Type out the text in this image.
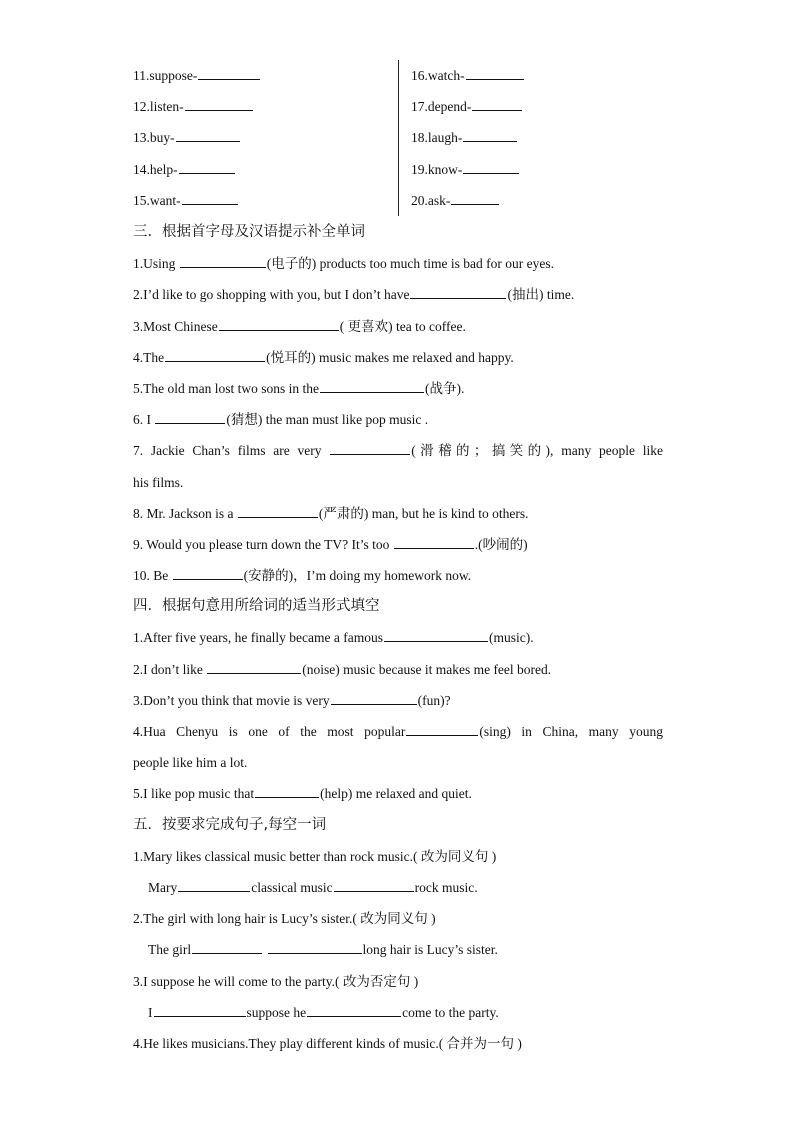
11.suppose-
12.listen-
13.buy-
14.help-
15.want-
16.watch-
17.depend-
18.laugh-
19.know-
20.ask-
三．根据首字母及汉语提示补全单词
1.Using	(电子的) products too much time is bad for our eyes.
2.I’d like to go shopping with you, but I don’t have	(抽出) time.
3.Most Chinese	( 更喜欢) tea to coffee.
4.The	(悦耳的) music makes me relaxed and happy.
5.The old man lost two sons in the	(战争).
6. I	(猜想) the man must like pop music .
7. Jackie Chan’s films are very	(滑稽的；搞笑的), many people like
his films.
8. Mr. Jackson is a	(严肃的) man, but he is kind to others.
9. Would you please turn down the TV? It’s too	.(吵闹的)
10. Be	(安静的)，I’m doing my homework now.
四．根据句意用所给词的适当形式填空
1.After five years, he finally became a famous	(music).
2.I don’t like	(noise) music because it makes me feel bored.
3.Don’t you think that movie is very	(fun)?
4.Hua Chenyu is one of the most popular	(sing) in China, many young
people like him a lot.
5.I like pop music that	(help) me relaxed and quiet.
五．按要求完成句子,每空一词
1.Mary likes classical music better than rock music.( 改为同义句 )
Mary	classical music	rock music.
2.The girl with long hair is Lucy’s sister.( 改为同义句 )
The girl	long hair is Lucy’s sister.
3.I suppose he will come to the party.( 改为否定句 )
I	suppose he	come to the party.
4.He likes musicians.They play different kinds of music.( 合并为一句 )
